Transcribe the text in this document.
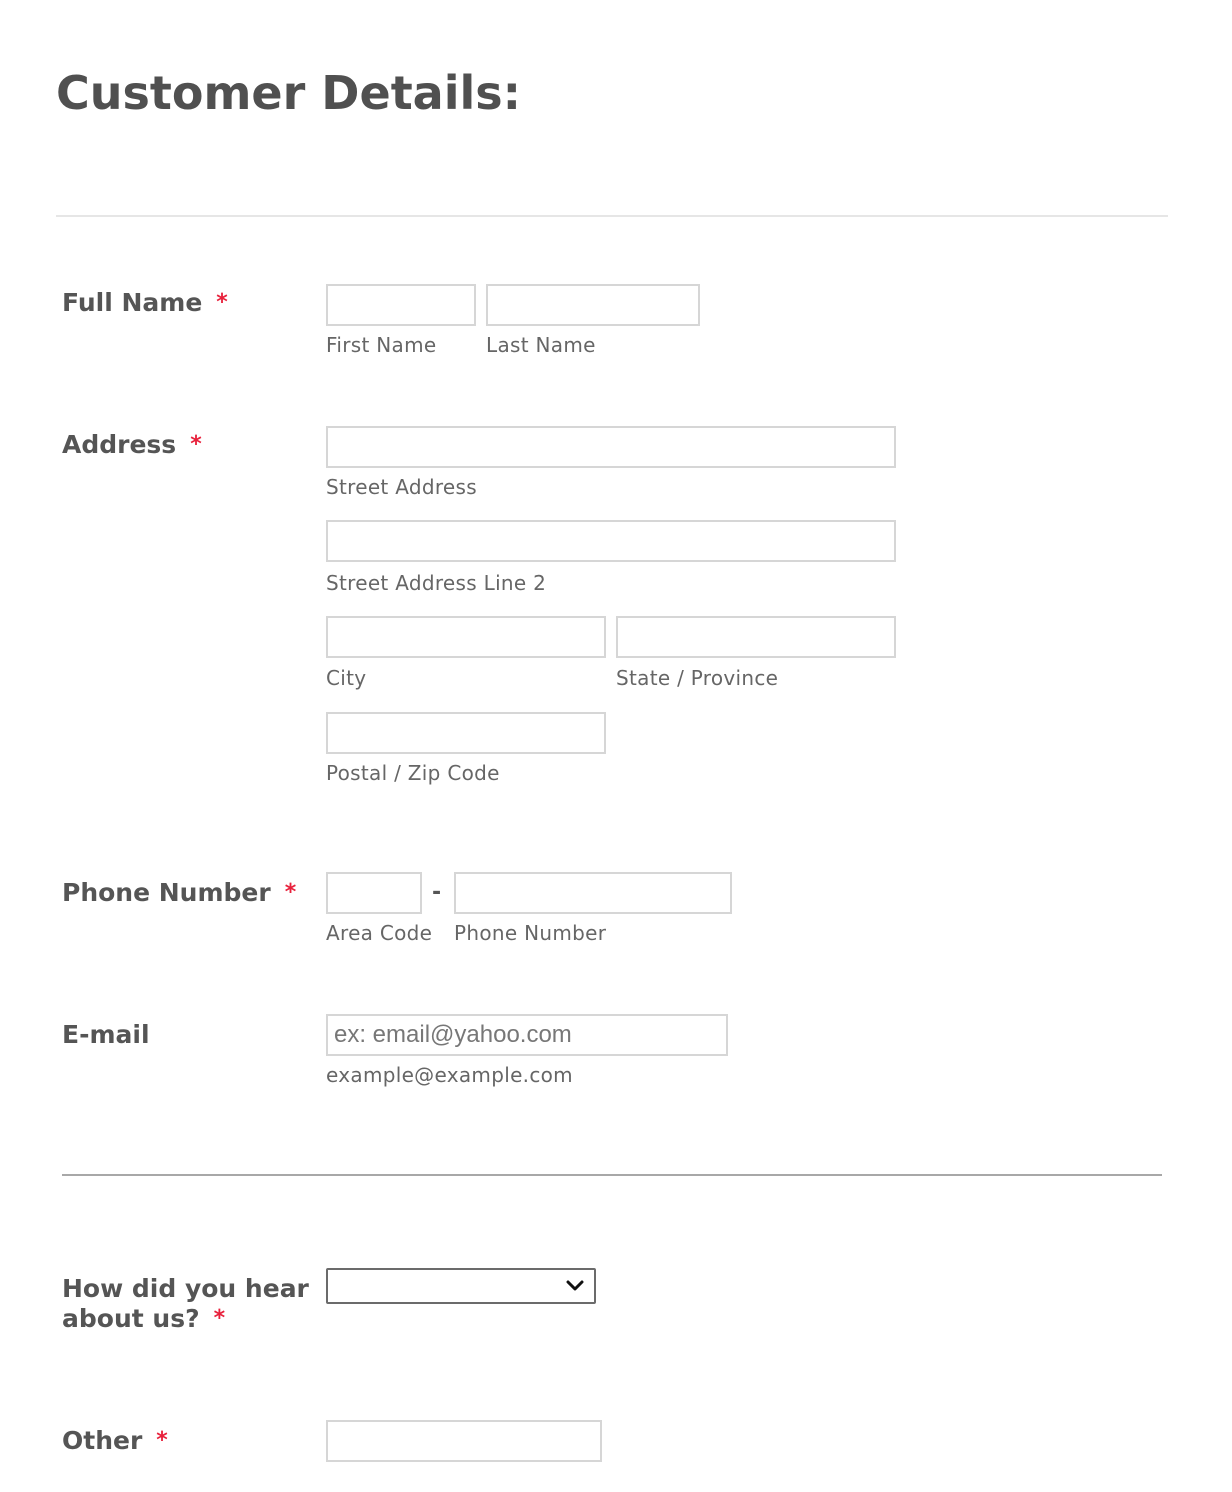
Customer Details:
Full Name *
First Name Last Name
Address *
Street Address
Street Address Line 2
City	State / Province
Postal / Zip Code
Phone Number *	-
Area Code Phone Number
E-mail
ex: email@yahoo.com
example@example.com
How did you hear
about us? *
Other *
